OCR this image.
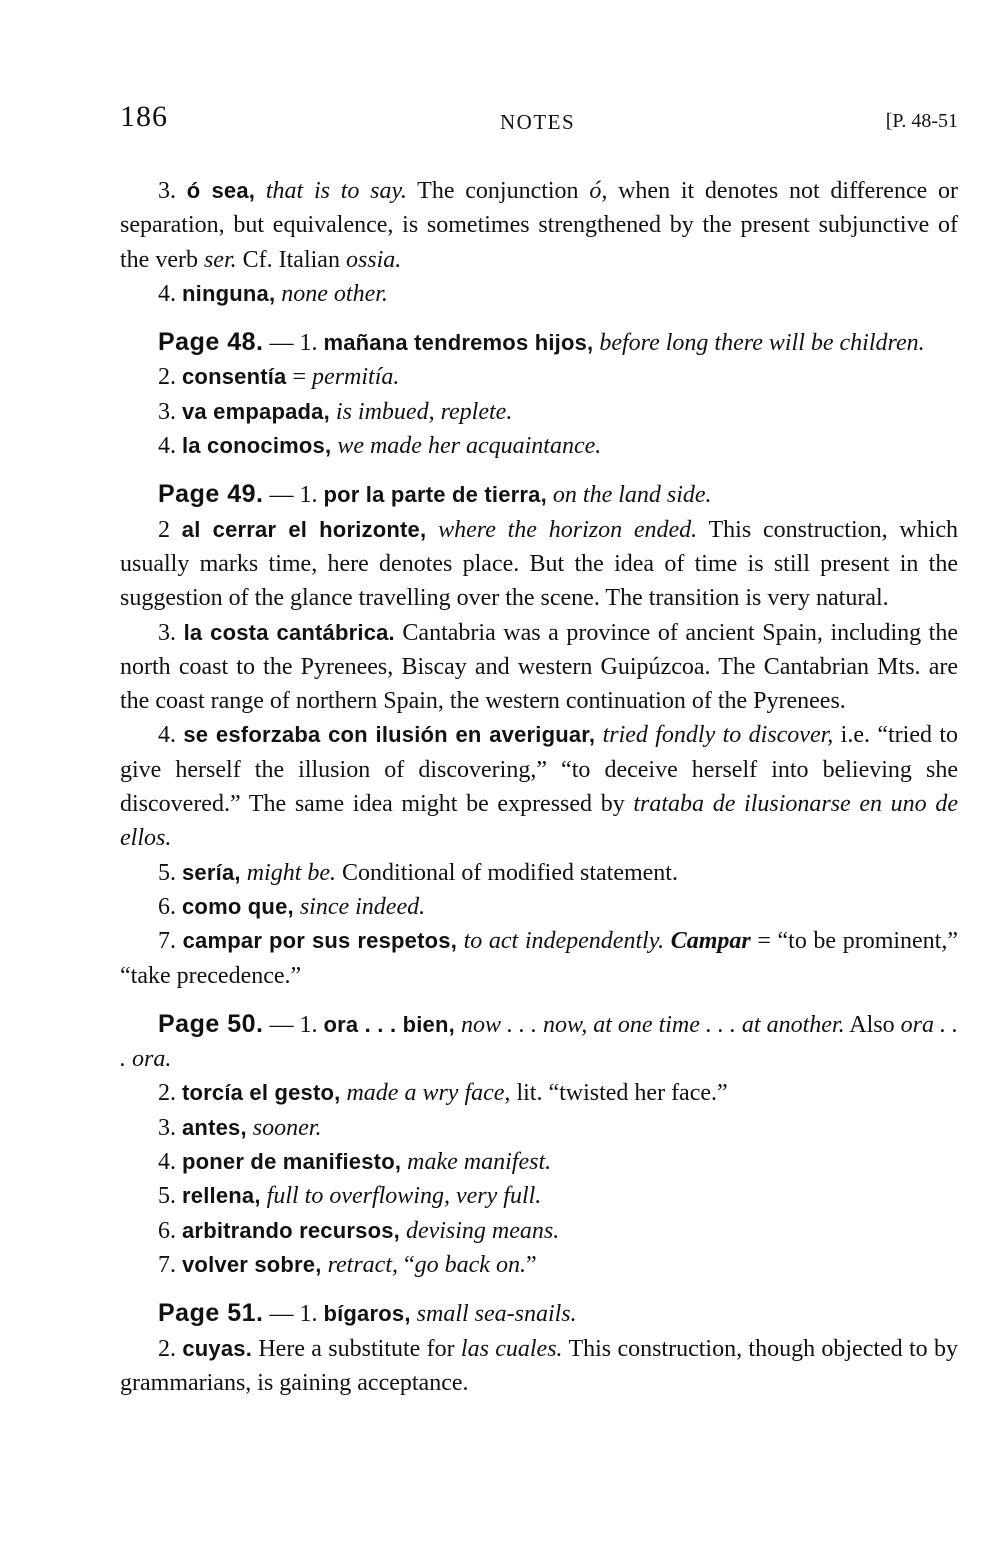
186	NOTES	[P. 48-51

3. ó sea, that is to say. The conjunction ó, when it denotes not difference or separation, but equivalence, is sometimes strengthened by the present subjunctive of the verb ser. Cf. Italian ossia.

4. ninguna, none other.

Page 48. — 1. mañana tendremos hijos, before long there will be children.

2. consentía = permitía.

3. va empapada, is imbued, replete.

4. la conocimos, we made her acquaintance.

Page 49. — 1. por la parte de tierra, on the land side.

2 al cerrar el horizonte, where the horizon ended. This construction, which usually marks time, here denotes place. But the idea of time is still present in the suggestion of the glance travelling over the scene. The transition is very natural.

3. la costa cantábrica. Cantabria was a province of ancient Spain, including the north coast to the Pyrenees, Biscay and western Guipúzcoa. The Cantabrian Mts. are the coast range of northern Spain, the western continuation of the Pyrenees.

4. se esforzaba con ilusión en averiguar, tried fondly to discover, i.e. “tried to give herself the illusion of discovering,” “to deceive herself into believing she discovered.” The same idea might be expressed by trataba de ilusionarse en uno de ellos.

5. sería, might be. Conditional of modified statement.

6. como que, since indeed.

7. campar por sus respetos, to act independently. Campar = “to be prominent,” “take precedence.”

Page 50. — 1. ora . . . bien, now . . . now, at one time . . . at another. Also ora . . . ora.

2. torcía el gesto, made a wry face, lit. “twisted her face.”

3. antes, sooner.

4. poner de manifiesto, make manifest.

5. rellena, full to overflowing, very full.

6. arbitrando recursos, devising means.

7. volver sobre, retract, “go back on.”

Page 51. — 1. bígaros, small sea-snails.

2. cuyas. Here a substitute for las cuales. This construction, though objected to by grammarians, is gaining acceptance.
